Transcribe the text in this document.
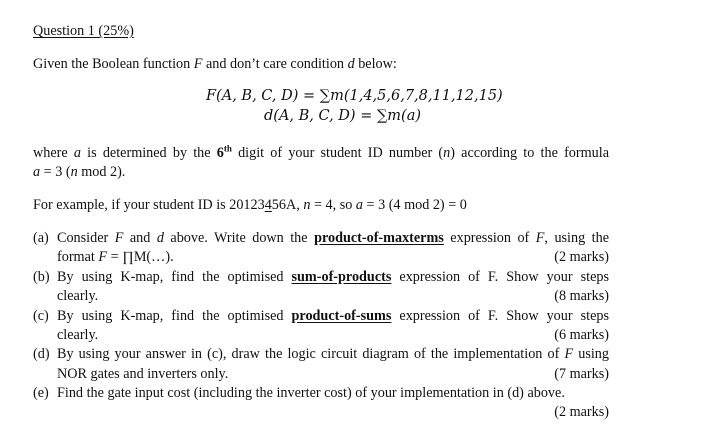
Question 1 (25%)
Given the Boolean function F and don’t care condition d below:
F(A, B, C, D) = ∑m(1,4,5,6,7,8,11,12,15)
d(A, B, C, D) = ∑m(a)
where a is determined by the 6th digit of your student ID number (n) according to the formula
a = 3 (n mod 2).
For example, if your student ID is 20123456A, n = 4, so a = 3 (4 mod 2) = 0
(a) Consider F and d above. Write down the product-of-maxterms expression of F, using the
format F = ∏M(…).	(2 marks)
(b) By using K-map, find the optimised sum-of-products expression of F. Show your steps
clearly.	(8 marks)
(c) By using K-map, find the optimised product-of-sums expression of F. Show your steps
clearly.	(6 marks)
(d) By using your answer in (c), draw the logic circuit diagram of the implementation of F using
NOR gates and inverters only.	(7 marks)
(e) Find the gate input cost (including the inverter cost) of your implementation in (d) above.
(2 marks)
